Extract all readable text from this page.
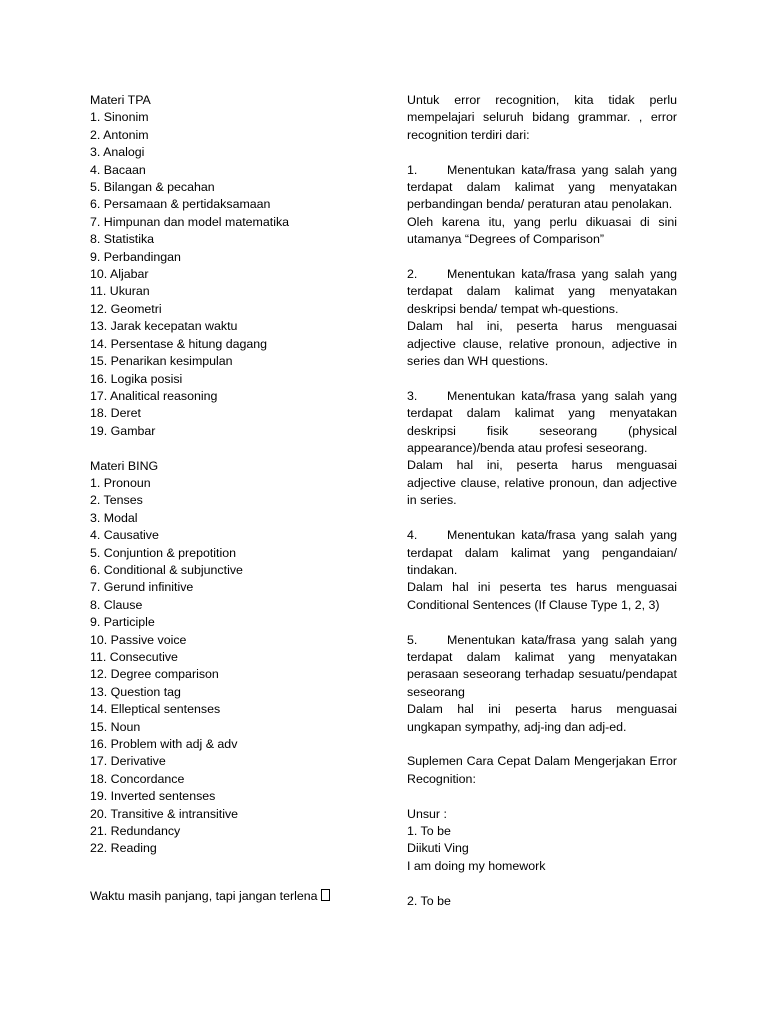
Materi TPA
1. Sinonim
2. Antonim
3. Analogi
4. Bacaan
5. Bilangan & pecahan
6. Persamaan & pertidaksamaan
7. Himpunan dan model matematika
8. Statistika
9. Perbandingan
10. Aljabar
11. Ukuran
12. Geometri
13. Jarak kecepatan waktu
14. Persentase & hitung dagang
15. Penarikan kesimpulan
16. Logika posisi
17. Analitical reasoning
18. Deret
19. Gambar
Materi BING
1. Pronoun
2. Tenses
3. Modal
4. Causative
5. Conjuntion & prepotition
6. Conditional & subjunctive
7. Gerund infinitive
8. Clause
9. Participle
10. Passive voice
11. Consecutive
12. Degree comparison
13. Question tag
14. Elleptical sentenses
15. Noun
16. Problem with adj & adv
17. Derivative
18. Concordance
19. Inverted sentenses
20. Transitive & intransitive
21. Redundancy
22. Reading
Waktu masih panjang, tapi jangan terlena
Untuk error recognition, kita tidak perlu mempelajari seluruh bidang grammar. , error recognition terdiri dari:
1. Menentukan kata/frasa yang salah yang terdapat dalam kalimat yang menyatakan perbandingan benda/ peraturan atau penolakan.
Oleh karena itu, yang perlu dikuasai di sini utamanya “Degrees of Comparison”
2. Menentukan kata/frasa yang salah yang terdapat dalam kalimat yang menyatakan deskripsi benda/ tempat wh-questions.
Dalam hal ini, peserta harus menguasai adjective clause, relative pronoun, adjective in series dan WH questions.
3. Menentukan kata/frasa yang salah yang terdapat dalam kalimat yang menyatakan deskripsi fisik seseorang (physical appearance)/benda atau profesi seseorang.
Dalam hal ini, peserta harus menguasai adjective clause, relative pronoun, dan adjective in series.
4. Menentukan kata/frasa yang salah yang terdapat dalam kalimat yang pengandaian/ tindakan.
Dalam hal ini peserta tes harus menguasai Conditional Sentences (If Clause Type 1, 2, 3)
5. Menentukan kata/frasa yang salah yang terdapat dalam kalimat yang menyatakan perasaan seseorang terhadap sesuatu/pendapat seseorang
Dalam hal ini peserta harus menguasai ungkapan sympathy, adj-ing dan adj-ed.
Suplemen Cara Cepat Dalam Mengerjakan Error Recognition:
Unsur :
1. To be
Diikuti Ving
I am doing my homework
2. To be
